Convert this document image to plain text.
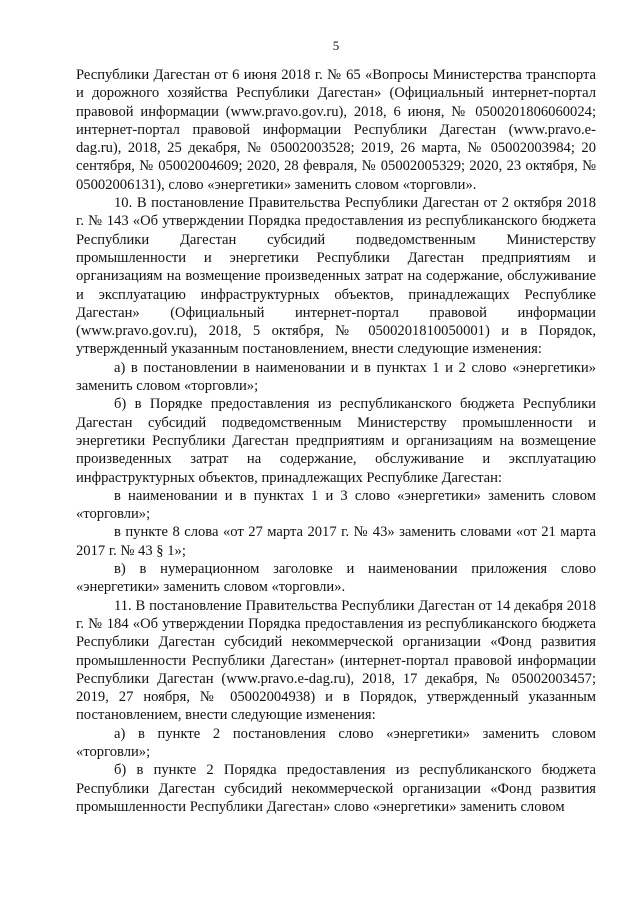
5

Республики Дагестан от 6 июня 2018 г. № 65 «Вопросы Министерства транспорта и дорожного хозяйства Республики Дагестан» (Официальный интернет-портал правовой информации (www.pravo.gov.ru), 2018, 6 июня, № 0500201806060024; интернет-портал правовой информации Республики Дагестан (www.pravo.e-dag.ru), 2018, 25 декабря, № 05002003528; 2019, 26 марта, № 05002003984; 20 сентября, № 05002004609; 2020, 28 февраля, № 05002005329; 2020, 23 октября, № 05002006131), слово «энергетики» заменить словом «торговли».

10. В постановление Правительства Республики Дагестан от 2 октября 2018 г. № 143 «Об утверждении Порядка предоставления из республиканского бюджета Республики Дагестан субсидий подведомственным Министерству промышленности и энергетики Республики Дагестан предприятиям и организациям на возмещение произведенных затрат на содержание, обслуживание и эксплуатацию инфраструктурных объектов, принадлежащих Республике Дагестан» (Официальный интернет-портал правовой информации (www.pravo.gov.ru), 2018, 5 октября, № 0500201810050001) и в Порядок, утвержденный указанным постановлением, внести следующие изменения:

а) в постановлении в наименовании и в пунктах 1 и 2 слово «энергетики» заменить словом «торговли»;

б) в Порядке предоставления из республиканского бюджета Республики Дагестан субсидий подведомственным Министерству промышленности и энергетики Республики Дагестан предприятиям и организациям на возмещение произведенных затрат на содержание, обслуживание и эксплуатацию инфраструктурных объектов, принадлежащих Республике Дагестан:

в наименовании и в пунктах 1 и 3 слово «энергетики» заменить словом «торговли»;

в пункте 8 слова «от 27 марта 2017 г. № 43» заменить словами «от 21 марта 2017 г. № 43 § 1»;

в) в нумерационном заголовке и наименовании приложения слово «энергетики» заменить словом «торговли».

11. В постановление Правительства Республики Дагестан от 14 декабря 2018 г. № 184 «Об утверждении Порядка предоставления из республиканского бюджета Республики Дагестан субсидий некоммерческой организации «Фонд развития промышленности Республики Дагестан» (интернет-портал правовой информации Республики Дагестан (www.pravo.e-dag.ru), 2018, 17 декабря, № 05002003457; 2019, 27 ноября, № 05002004938) и в Порядок, утвержденный указанным постановлением, внести следующие изменения:

а) в пункте 2 постановления слово «энергетики» заменить словом «торговли»;

б) в пункте 2 Порядка предоставления из республиканского бюджета Республики Дагестан субсидий некоммерческой организации «Фонд развития промышленности Республики Дагестан» слово «энергетики» заменить словом
